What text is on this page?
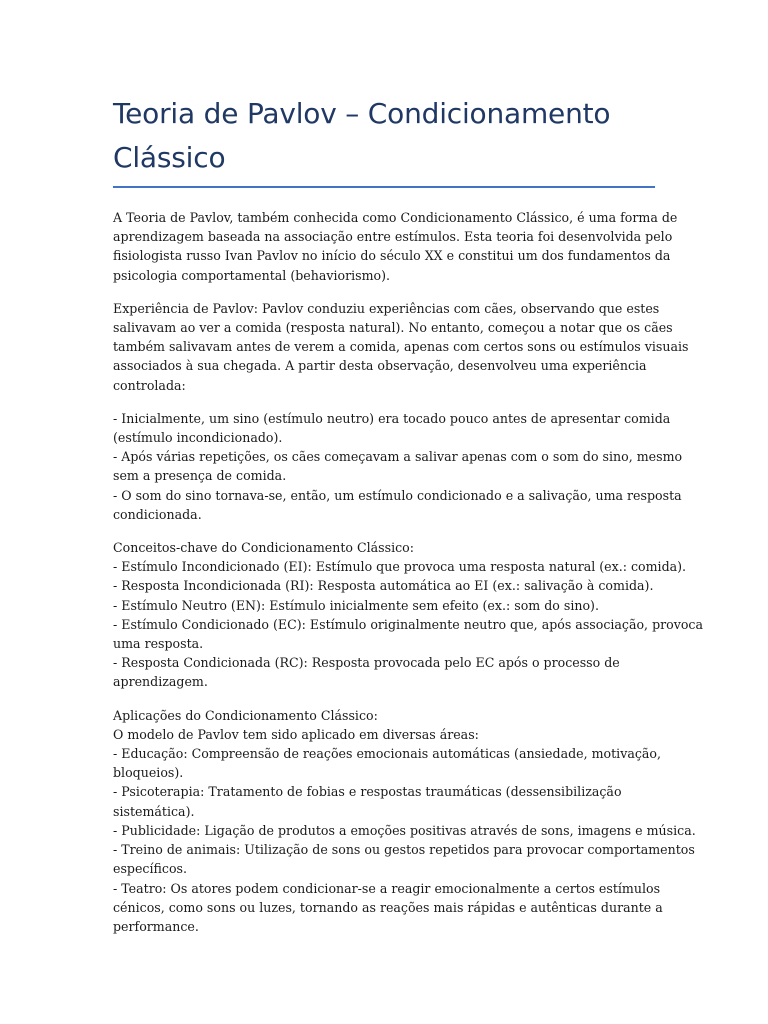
Teoria de Pavlov – Condicionamento
Clássico

A Teoria de Pavlov, também conhecida como Condicionamento Clássico, é uma forma de
aprendizagem baseada na associação entre estímulos. Esta teoria foi desenvolvida pelo
fisiologista russo Ivan Pavlov no início do século XX e constitui um dos fundamentos da
psicologia comportamental (behaviorismo).

Experiência de Pavlov: Pavlov conduziu experiências com cães, observando que estes
salivavam ao ver a comida (resposta natural). No entanto, começou a notar que os cães
também salivavam antes de verem a comida, apenas com certos sons ou estímulos visuais
associados à sua chegada. A partir desta observação, desenvolveu uma experiência
controlada:

- Inicialmente, um sino (estímulo neutro) era tocado pouco antes de apresentar comida
(estímulo incondicionado).
- Após várias repetições, os cães começavam a salivar apenas com o som do sino, mesmo
sem a presença de comida.
- O som do sino tornava-se, então, um estímulo condicionado e a salivação, uma resposta
condicionada.

Conceitos-chave do Condicionamento Clássico:
- Estímulo Incondicionado (EI): Estímulo que provoca uma resposta natural (ex.: comida).
- Resposta Incondicionada (RI): Resposta automática ao EI (ex.: salivação à comida).
- Estímulo Neutro (EN): Estímulo inicialmente sem efeito (ex.: som do sino).
- Estímulo Condicionado (EC): Estímulo originalmente neutro que, após associação, provoca
uma resposta.
- Resposta Condicionada (RC): Resposta provocada pelo EC após o processo de
aprendizagem.

Aplicações do Condicionamento Clássico:
O modelo de Pavlov tem sido aplicado em diversas áreas:
- Educação: Compreensão de reações emocionais automáticas (ansiedade, motivação,
bloqueios).
- Psicoterapia: Tratamento de fobias e respostas traumáticas (dessensibilização
sistemática).
- Publicidade: Ligação de produtos a emoções positivas através de sons, imagens e música.
- Treino de animais: Utilização de sons ou gestos repetidos para provocar comportamentos
específicos.
- Teatro: Os atores podem condicionar-se a reagir emocionalmente a certos estímulos
cénicos, como sons ou luzes, tornando as reações mais rápidas e autênticas durante a
performance.
